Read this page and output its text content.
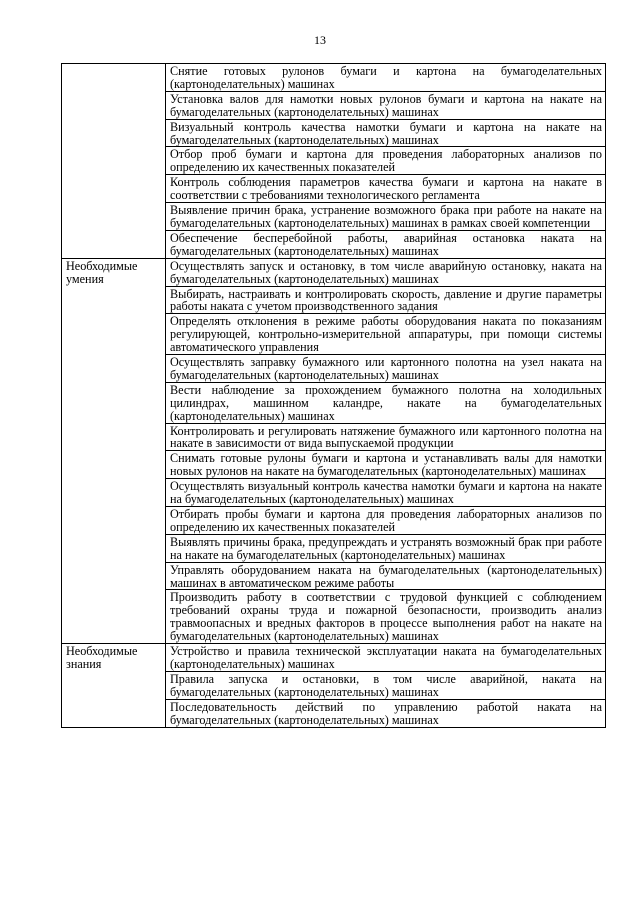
13
	Снятие готовых рулонов бумаги и картона на бумагоделательных (картоноделательных) машинах
	Установка валов для намотки новых рулонов бумаги и картона на накате на бумагоделательных (картоноделательных) машинах
	Визуальный контроль качества намотки бумаги и картона на накате на бумагоделательных (картоноделательных) машинах
	Отбор проб бумаги и картона для проведения лабораторных анализов по определению их качественных показателей
	Контроль соблюдения параметров качества бумаги и картона на накате в соответствии с требованиями технологического регламента
	Выявление причин брака, устранение возможного брака при работе на накате на бумагоделательных (картоноделательных) машинах в рамках своей компетенции
	Обеспечение бесперебойной работы, аварийная остановка наката на бумагоделательных (картоноделательных) машинах
Необходимые умения	Осуществлять запуск и остановку, в том числе аварийную остановку, наката на бумагоделательных (картоноделательных) машинах
	Выбирать, настраивать и контролировать скорость, давление и другие параметры работы наката с учетом производственного задания
	Определять отклонения в режиме работы оборудования наката по показаниям регулирующей, контрольно-измерительной аппаратуры, при помощи системы автоматического управления
	Осуществлять заправку бумажного или картонного полотна на узел наката на бумагоделательных (картоноделательных) машинах
	Вести наблюдение за прохождением бумажного полотна на холодильных цилиндрах, машинном каландре, накате на бумагоделательных (картоноделательных) машинах
	Контролировать и регулировать натяжение бумажного или картонного полотна на накате в зависимости от вида выпускаемой продукции
	Снимать готовые рулоны бумаги и картона и устанавливать валы для намотки новых рулонов на накате на бумагоделательных (картоноделательных) машинах
	Осуществлять визуальный контроль качества намотки бумаги и картона на накате на бумагоделательных (картоноделательных) машинах
	Отбирать пробы бумаги и картона для проведения лабораторных анализов по определению их качественных показателей
	Выявлять причины брака, предупреждать и устранять возможный брак при работе на накате на бумагоделательных (картоноделательных) машинах
	Управлять оборудованием наката на бумагоделательных (картоноделательных) машинах в автоматическом режиме работы
	Производить работу в соответствии с трудовой функцией с соблюдением требований охраны труда и пожарной безопасности, производить анализ травмоопасных и вредных факторов в процессе выполнения работ на накате на бумагоделательных (картоноделательных) машинах
Необходимые знания	Устройство и правила технической эксплуатации наката на бумагоделательных (картоноделательных) машинах
	Правила запуска и остановки, в том числе аварийной, наката на бумагоделательных (картоноделательных) машинах
	Последовательность действий по управлению работой наката на бумагоделательных (картоноделательных) машинах
